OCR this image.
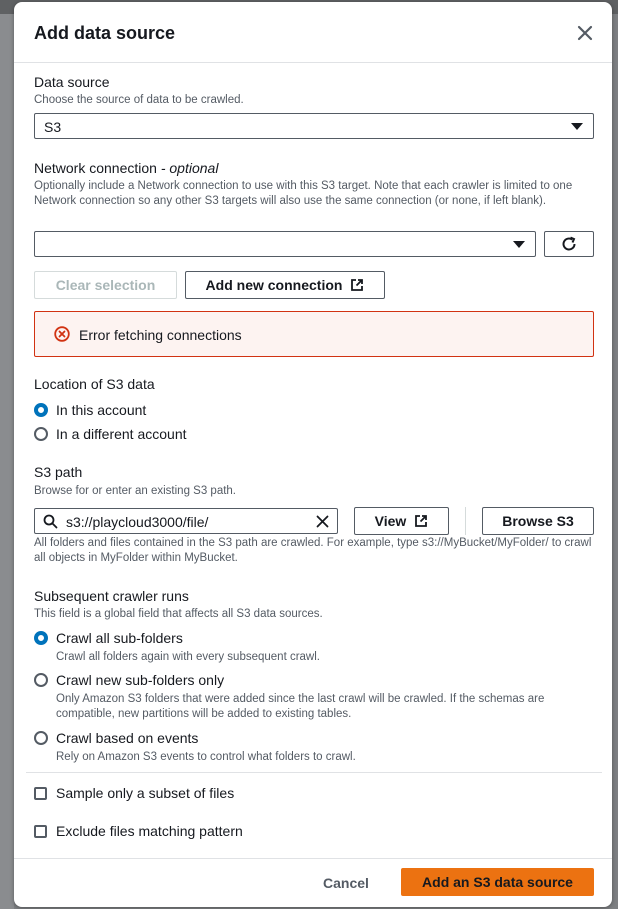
Add data source
Data source
Choose the source of data to be crawled.
S3
Network connection - optional
Optionally include a Network connection to use with this S3 target. Note that each crawler is limited to one Network connection so any other S3 targets will also use the same connection (or none, if left blank).
Clear selection	Add new connection
Error fetching connections
Location of S3 data
In this account
In a different account
S3 path
Browse for or enter an existing S3 path.
s3://playcloud3000/file/	View	Browse S3
All folders and files contained in the S3 path are crawled. For example, type s3://MyBucket/MyFolder/ to crawl all objects in MyFolder within MyBucket.
Subsequent crawler runs
This field is a global field that affects all S3 data sources.
Crawl all sub-folders
Crawl all folders again with every subsequent crawl.
Crawl new sub-folders only
Only Amazon S3 folders that were added since the last crawl will be crawled. If the schemas are compatible, new partitions will be added to existing tables.
Crawl based on events
Rely on Amazon S3 events to control what folders to crawl.
Sample only a subset of files
Exclude files matching pattern
Cancel	Add an S3 data source
